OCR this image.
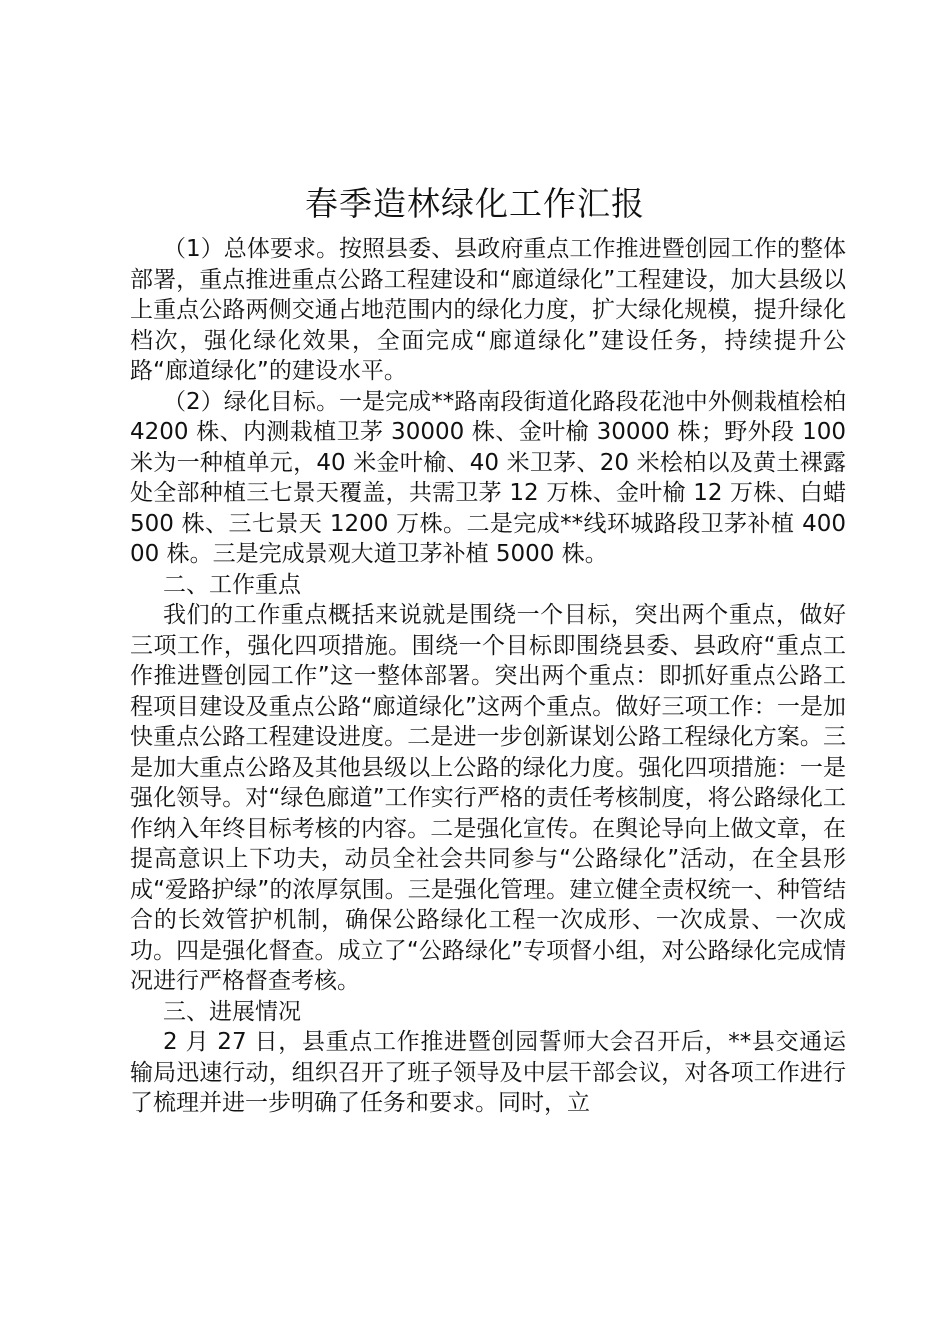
春季造林绿化工作汇报

（1）总体要求。按照县委、县政府重点工作推进暨创园工作的整体部署，重点推进重点公路工程建设和“廊道绿化”工程建设，加大县级以上重点公路两侧交通占地范围内的绿化力度，扩大绿化规模，提升绿化档次，强化绿化效果，全面完成“廊道绿化”建设任务，持续提升公路“廊道绿化”的建设水平。

（2）绿化目标。一是完成**路南段街道化路段花池中外侧栽植桧柏 4200 株、内测栽植卫茅 30000 株、金叶榆 30000 株；野外段 100 米为一种植单元，40 米金叶榆、40 米卫茅、20 米桧柏以及黄土裸露处全部种植三七景天覆盖，共需卫茅 12 万株、金叶榆 12 万株、白蜡 500 株、三七景天 1200 万株。二是完成**线环城路段卫茅补植 40000 株。三是完成景观大道卫茅补植 5000 株。

二、工作重点

我们的工作重点概括来说就是围绕一个目标，突出两个重点，做好三项工作，强化四项措施。围绕一个目标即围绕县委、县政府“重点工作推进暨创园工作”这一整体部署。突出两个重点：即抓好重点公路工程项目建设及重点公路“廊道绿化”这两个重点。做好三项工作：一是加快重点公路工程建设进度。二是进一步创新谋划公路工程绿化方案。三是加大重点公路及其他县级以上公路的绿化力度。强化四项措施：一是强化领导。对“绿色廊道”工作实行严格的责任考核制度，将公路绿化工作纳入年终目标考核的内容。二是强化宣传。在舆论导向上做文章，在提高意识上下功夫，动员全社会共同参与“公路绿化”活动，在全县形成“爱路护绿”的浓厚氛围。三是强化管理。建立健全责权统一、种管结合的长效管护机制，确保公路绿化工程一次成形、一次成景、一次成功。四是强化督查。成立了“公路绿化”专项督小组，对公路绿化完成情况进行严格督查考核。

三、进展情况

2 月 27 日，县重点工作推进暨创园誓师大会召开后，**县交通运输局迅速行动，组织召开了班子领导及中层干部会议，对各项工作进行了梳理并进一步明确了任务和要求。同时，立
